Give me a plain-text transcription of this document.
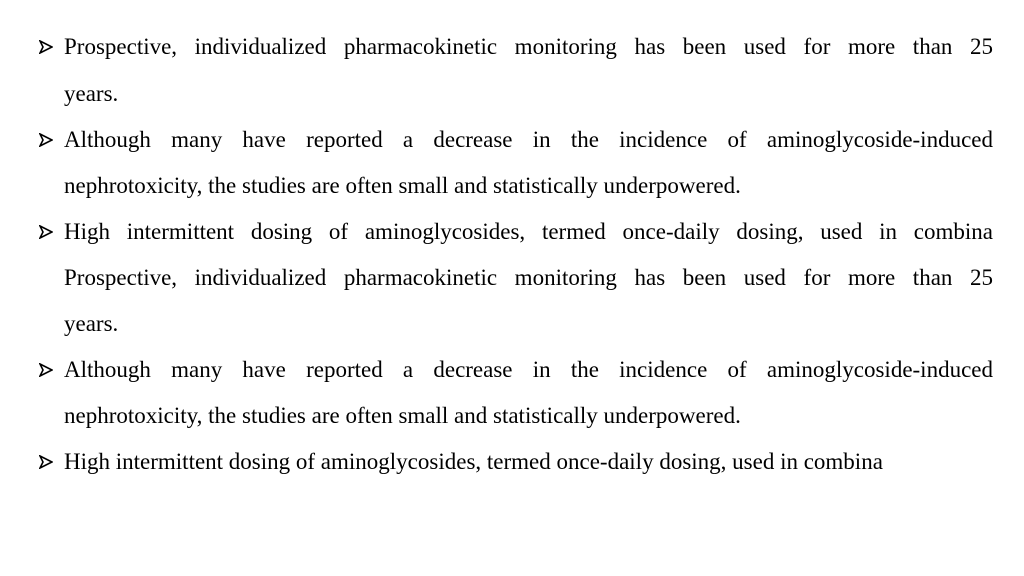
Prospective, individualized pharmacokinetic monitoring has been used for more than 25
years.
Although many have reported a decrease in the incidence of aminoglycoside-induced
nephrotoxicity, the studies are often small and statistically underpowered.
High intermittent dosing of aminoglycosides, termed once-daily dosing, used in combina
Prospective, individualized pharmacokinetic monitoring has been used for more than 25
years.
Although many have reported a decrease in the incidence of aminoglycoside-induced
nephrotoxicity, the studies are often small and statistically underpowered.
High intermittent dosing of aminoglycosides, termed once-daily dosing, used in combina
